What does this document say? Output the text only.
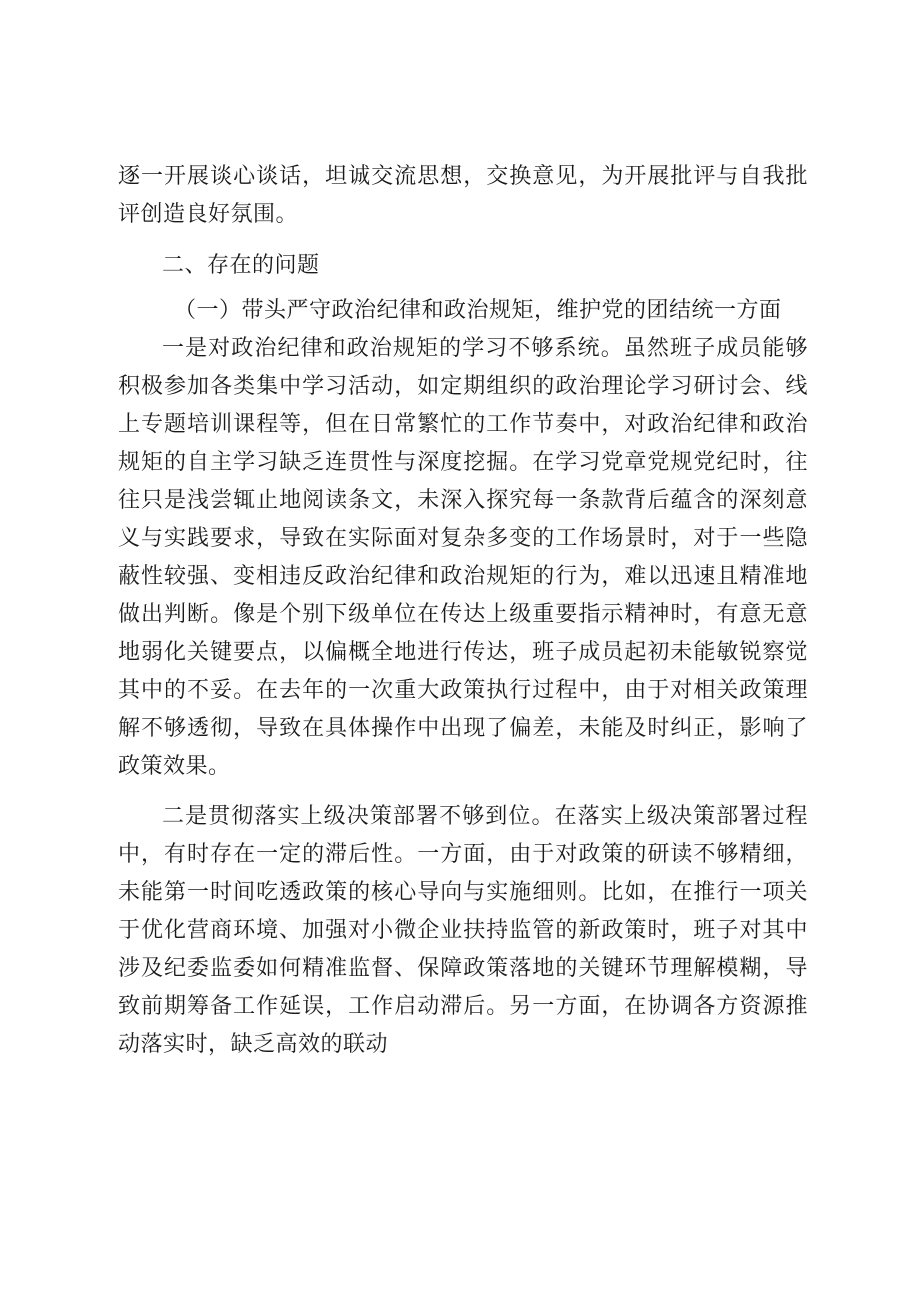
逐一开展谈心谈话，坦诚交流思想，交换意见，为开展批评与自我批评创造良好氛围。

二、存在的问题

（一）带头严守政治纪律和政治规矩，维护党的团结统一方面

一是对政治纪律和政治规矩的学习不够系统。虽然班子成员能够积极参加各类集中学习活动，如定期组织的政治理论学习研讨会、线上专题培训课程等，但在日常繁忙的工作节奏中，对政治纪律和政治规矩的自主学习缺乏连贯性与深度挖掘。在学习党章党规党纪时，往往只是浅尝辄止地阅读条文，未深入探究每一条款背后蕴含的深刻意义与实践要求，导致在实际面对复杂多变的工作场景时，对于一些隐蔽性较强、变相违反政治纪律和政治规矩的行为，难以迅速且精准地做出判断。像是个别下级单位在传达上级重要指示精神时，有意无意地弱化关键要点，以偏概全地进行传达，班子成员起初未能敏锐察觉其中的不妥。在去年的一次重大政策执行过程中，由于对相关政策理解不够透彻，导致在具体操作中出现了偏差，未能及时纠正，影响了政策效果。

二是贯彻落实上级决策部署不够到位。在落实上级决策部署过程中，有时存在一定的滞后性。一方面，由于对政策的研读不够精细，未能第一时间吃透政策的核心导向与实施细则。比如，在推行一项关于优化营商环境、加强对小微企业扶持监管的新政策时，班子对其中涉及纪委监委如何精准监督、保障政策落地的关键环节理解模糊，导致前期筹备工作延误，工作启动滞后。另一方面，在协调各方资源推动落实时，缺乏高效的联动
